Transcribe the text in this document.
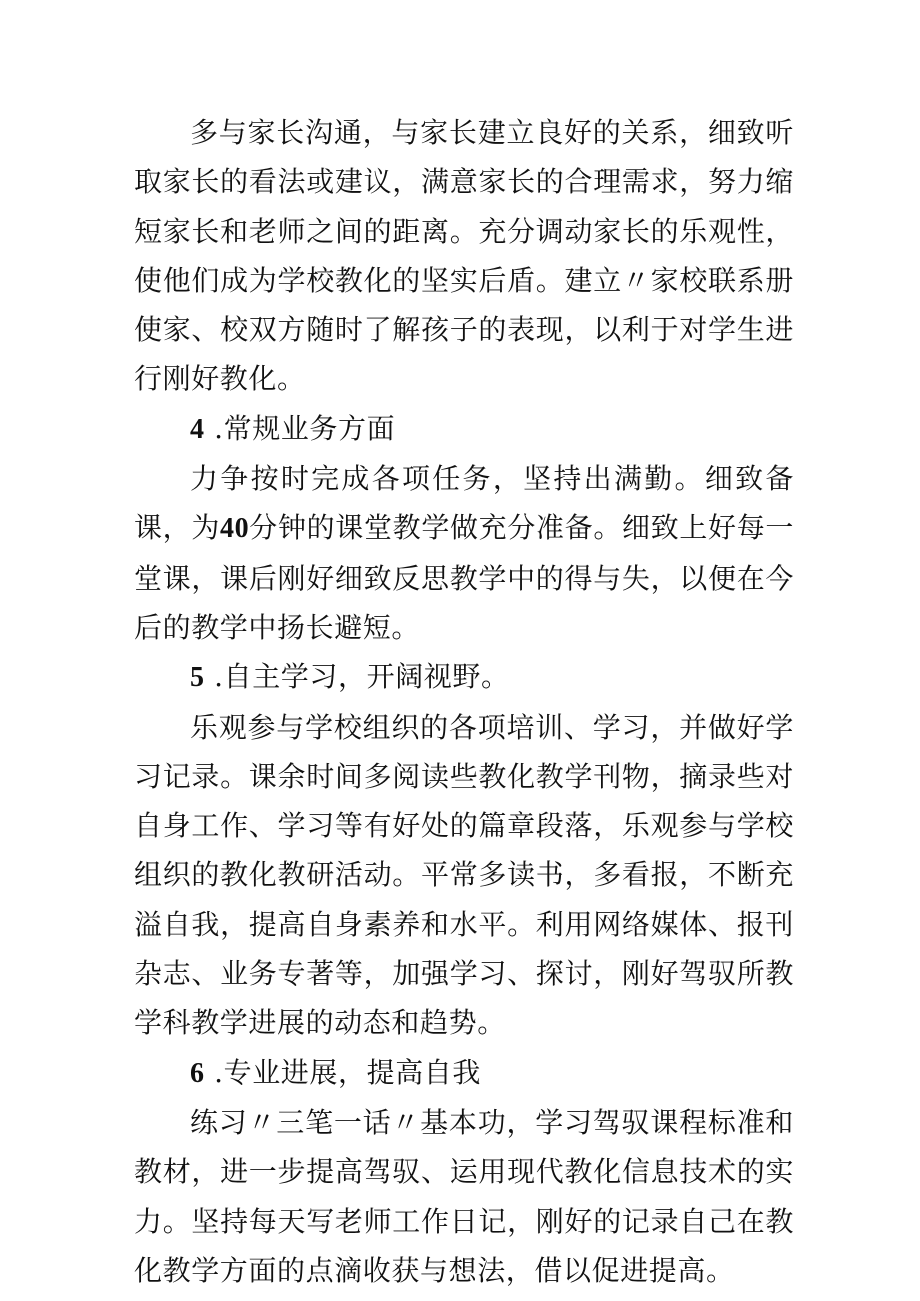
多与家长沟通，与家长建立良好的关系，细致听取家长的看法或建议，满意家长的合理需求，努力缩短家长和老师之间的距离。充分调动家长的乐观性，使他们成为学校教化的坚实后盾。建立〃家校联系册使家、校双方随时了解孩子的表现，以利于对学生进行刚好教化。

4 .常规业务方面

力争按时完成各项任务，坚持出满勤。细致备课，为40分钟的课堂教学做充分准备。细致上好每一堂课，课后刚好细致反思教学中的得与失，以便在今后的教学中扬长避短。

5 .自主学习，开阔视野。

乐观参与学校组织的各项培训、学习，并做好学习记录。课余时间多阅读些教化教学刊物，摘录些对自身工作、学习等有好处的篇章段落，乐观参与学校组织的教化教研活动。平常多读书，多看报，不断充溢自我，提高自身素养和水平。利用网络媒体、报刊杂志、业务专著等，加强学习、探讨，刚好驾驭所教学科教学进展的动态和趋势。

6 .专业进展，提高自我

练习〃三笔一话〃基本功，学习驾驭课程标准和教材，进一步提高驾驭、运用现代教化信息技术的实力。坚持每天写老师工作日记，刚好的记录自己在教化教学方面的点滴收获与想法，借以促进提高。
